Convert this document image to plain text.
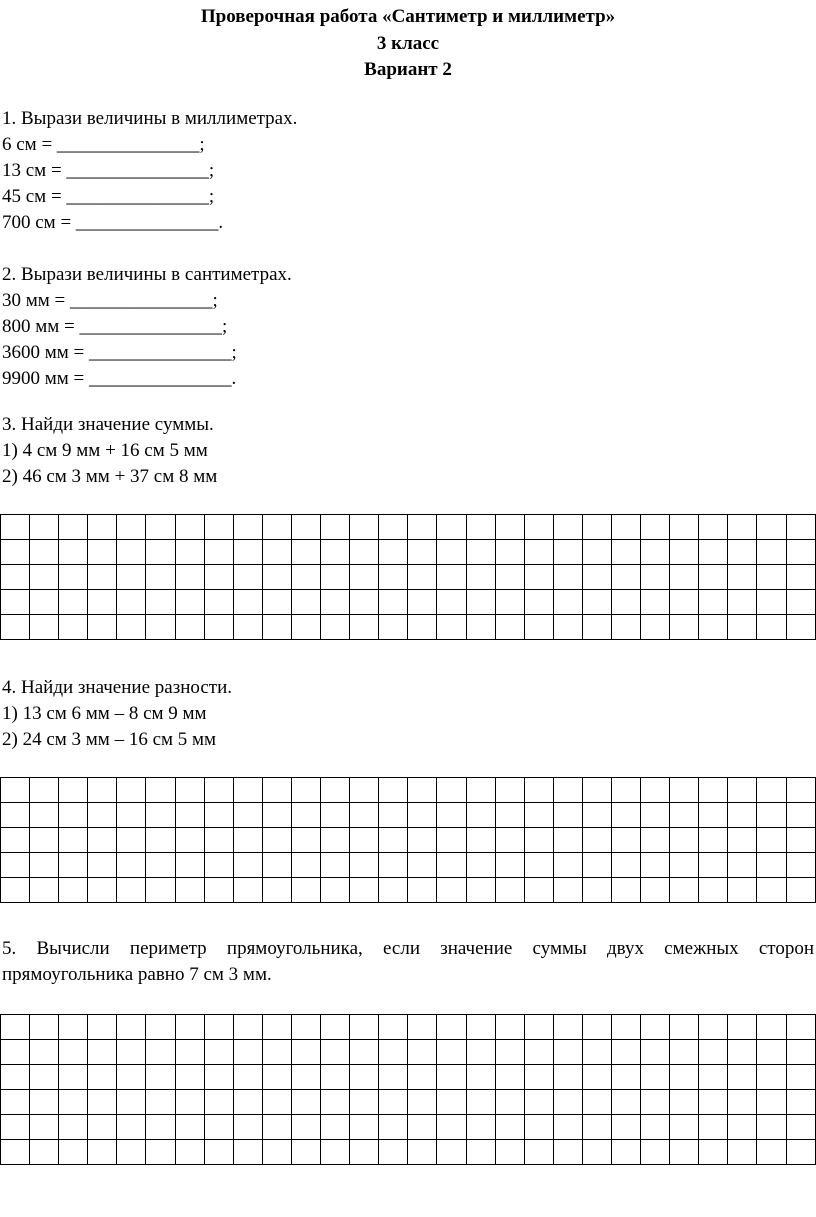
Проверочная работа «Сантиметр и миллиметр»
3 класс
Вариант 2
1. Вырази величины в миллиметрах.
6 см = _______________;
13 см = _______________;
45 см = _______________;
700 см = _______________.
2. Вырази величины в сантиметрах.
30 мм = _______________;
800 мм = _______________;
3600 мм = _______________;
9900 мм = _______________.
3. Найди значение суммы.
1) 4 см 9 мм + 16 см 5 мм
2) 46 см 3 мм + 37 см 8 мм

4. Найди значение разности.
1) 13 см 6 мм – 8 см 9 мм
2) 24 см 3 мм – 16 см 5 мм

5. Вычисли периметр прямоугольника, если значение суммы двух смежных сторон
прямоугольника равно 7 см 3 мм.
